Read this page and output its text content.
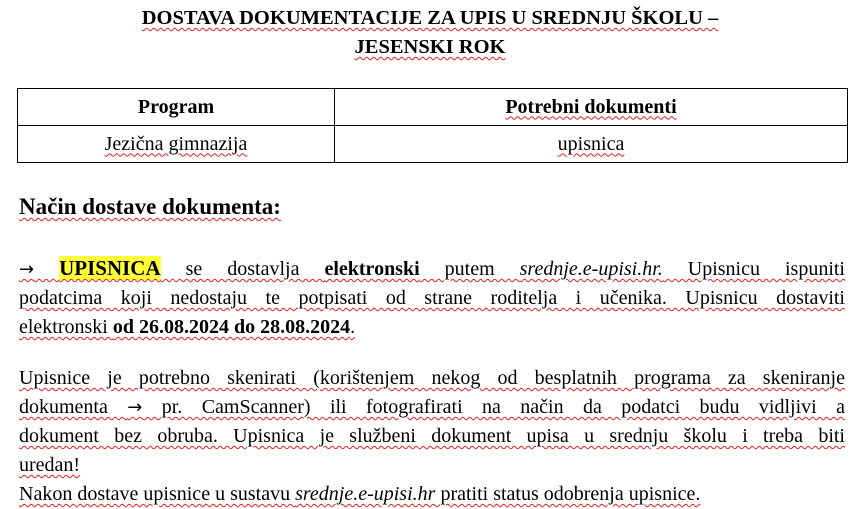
DOSTAVA DOKUMENTACIJE ZA UPIS U SREDNJU ŠKOLU –
JESENSKI ROK
Program	Potrebni dokumenti
Jezična gimnazija	upisnica
Način dostave dokumenta:
→ UPISNICA se dostavlja elektronski putem srednje.e-upisi.hr. Upisnicu ispuniti
podatcima koji nedostaju te potpisati od strane roditelja i učenika. Upisnicu dostaviti
elektronski od 26.08.2024 do 28.08.2024.
Upisnice je potrebno skenirati (korištenjem nekog od besplatnih programa za skeniranje
dokumenta → pr. CamScanner) ili fotografirati na način da podatci budu vidljivi a
dokument bez obruba. Upisnica je službeni dokument upisa u srednju školu i treba biti
uredan!
Nakon dostave upisnice u sustavu srednje.e-upisi.hr pratiti status odobrenja upisnice.
